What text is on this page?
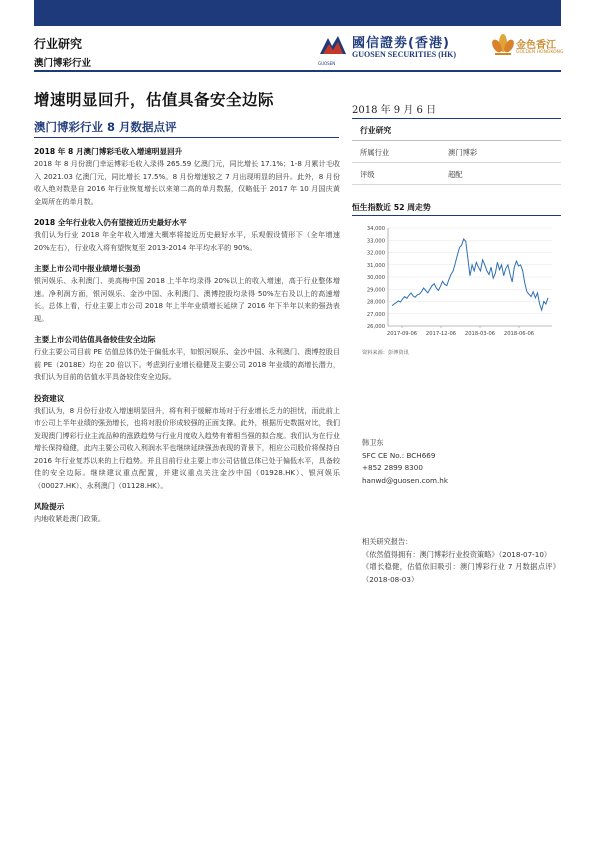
行业研究
澳门博彩行业
國信證劵(香港)
GUOSEN SECURITIES (HK)
GUOSEN
金色香江
GOLDEN HONGKONG
增速明显回升，估值具备安全边际
澳门博彩行业 8 月数据点评
2018 年 8 月澳门博彩毛收入增速明显回升
2018 年 8 月份澳门幸运博彩毛收入录得 265.59 亿澳门元，同比增长 17.1%；1-8 月累计毛收入 2021.03 亿澳门元，同比增长 17.5%。8 月份增速较之 7 月出现明显的回升。此外，8 月份收入绝对数是自 2016 年行业恢复增长以来第二高的单月数据，仅略低于 2017 年 10 月国庆黄金周所在的单月数。
2018 全年行业收入仍有望接近历史最好水平
我们认为行业 2018 年全年收入增速大概率将接近历史最好水平，乐观假设情形下（全年增速 20%左右），行业收入将有望恢复至 2013-2014 年平均水平的 90%。
主要上市公司中报业绩增长强劲
银河娱乐、永利澳门、美高梅中国 2018 上半年均录得 20%以上的收入增速，高于行业整体增速。净利润方面，银河娱乐、金沙中国、永利澳门、澳博控股均录得 50%左右及以上的高速增长。总体上看，行业主要上市公司 2018 年上半年业绩增长延续了 2016 年下半年以来的强劲表现。
主要上市公司估值具备较佳安全边际
行业主要公司目前 PE 估值总体仍处于偏低水平，如银河娱乐、金沙中国、永利澳门、澳博控股目前 PE（2018E）均在 20 倍以下。考虑到行业增长稳健及主要公司 2018 年业绩的高增长潜力，我们认为目前的估值水平具备较佳安全边际。
投资建议
我们认为，8 月份行业收入增速明显回升，将有利于缓解市场对于行业增长乏力的担忧，而此前上市公司上半年业绩的强劲增长，也将对股价形成较强的正面支撑。此外，根据历史数据对比，我们发现澳门博彩行业主流品种的涨跌趋势与行业月度收入趋势有着相当强的拟合度。我们认为在行业增长保持稳健，此内主要公司收入利润水平也继续延续强劲表现的背景下，相应公司股价将保持自 2016 年行业复苏以来的上行趋势。并且目前行业主要上市公司估值总体已处于偏低水平，具备较佳的安全边际。继续建议重点配置，并建议重点关注金沙中国（01928.HK）、银河娱乐（00027.HK）、永利澳门（01128.HK）。
风险提示
内地收紧赴澳门政策。
2018 年 9 月 6 日
行业研究
所属行业	澳门博彩
评级	超配
恒生指数近 52 周走势
26,000
27,000
28,000
29,000
30,000
31,000
32,000
33,000
34,000
2017-09-06 2017-12-06 2018-03-06 2018-06-06
资料来源：彭博资讯
韩卫东
SFC CE No.: BCH669
+852 2899 8300
hanwd@guosen.com.hk
相关研究报告：
《依然值得拥有：澳门博彩行业投资策略》（2018-07-10）
《增长稳健，估值依旧吸引：澳门博彩行业 7 月数据点评》（2018-08-03）
